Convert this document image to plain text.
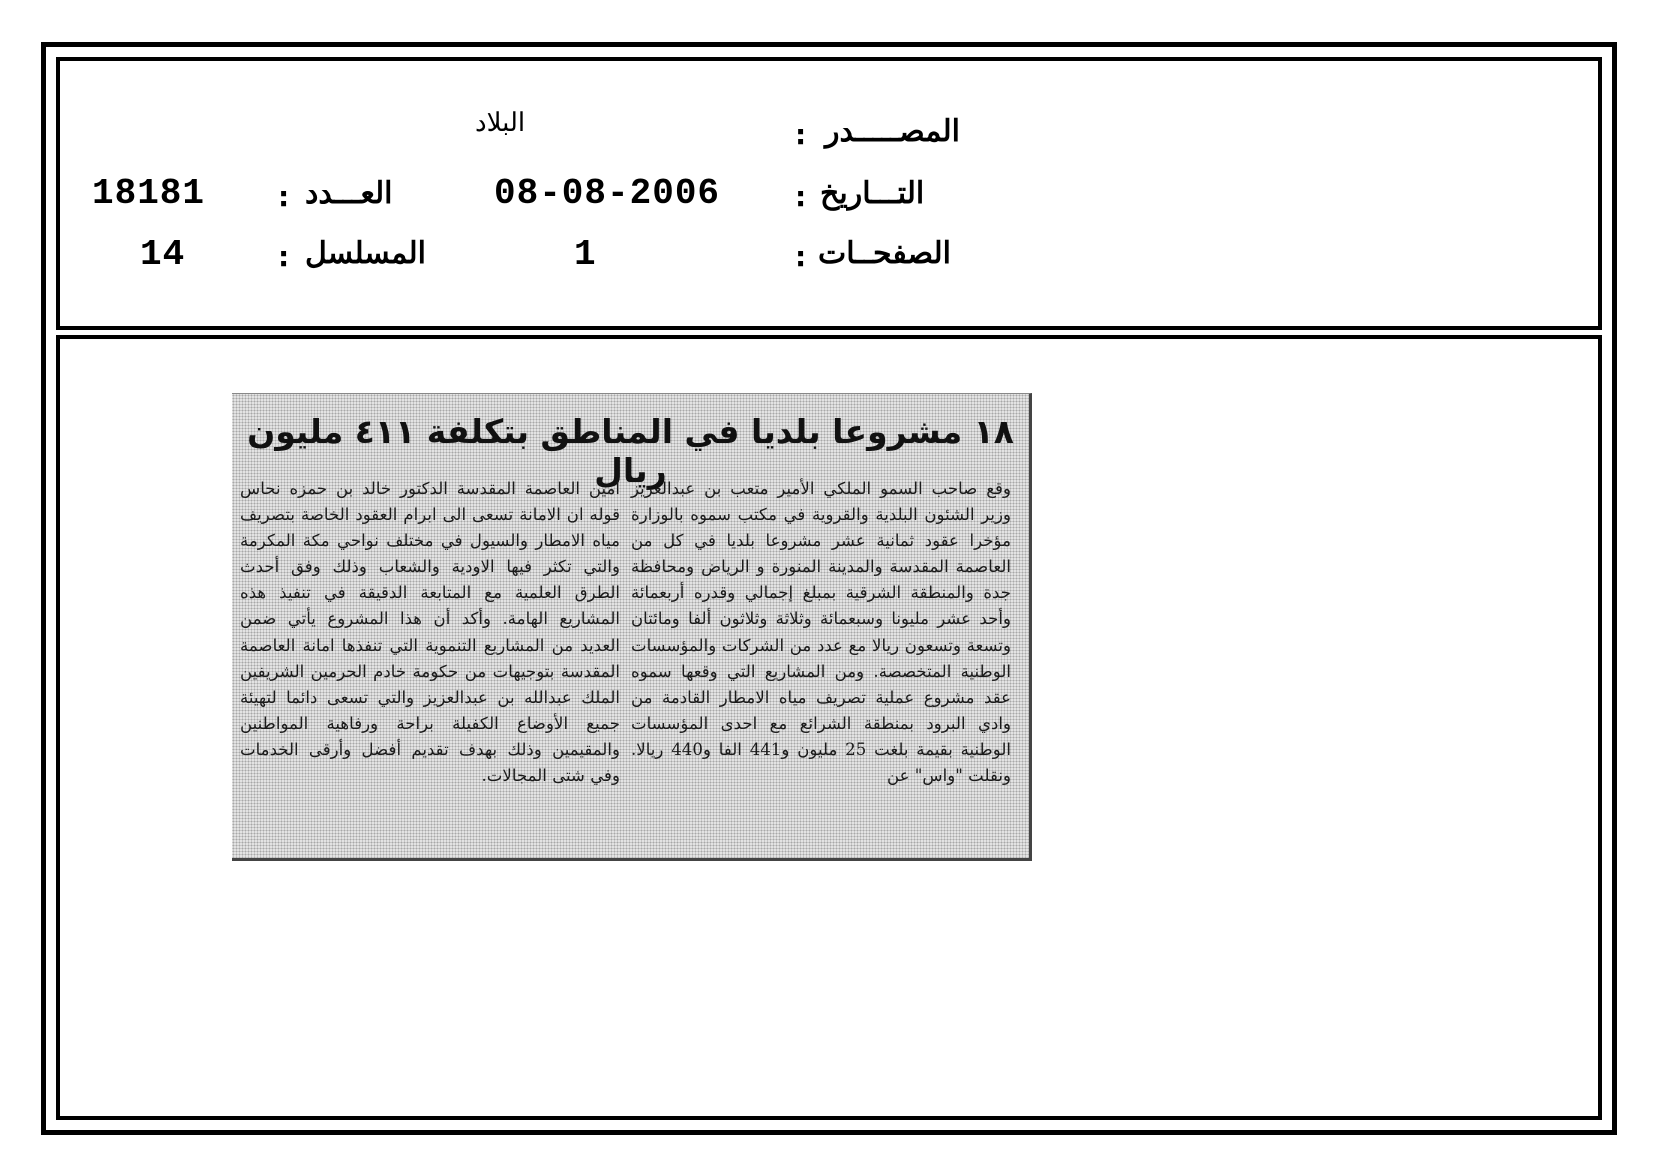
المصـــــدر
:
البلاد
التـــاريخ
:
08-08-2006
العـــدد
:
18181
الصفحــات
:
1
المسلسل
:
14
١٨ مشروعا بلديا في المناطق بتكلفة ٤١١ مليون ريال
وقع صاحب السمو الملكي الأمير متعب بن عبدالعزيز وزير الشئون البلدية والقروية في مكتب سموه بالوزارة مؤخرا عقود ثمانية عشر مشروعا بلديا في كل من العاصمة المقدسة والمدينة المنورة و الرياض ومحافظة جدة والمنطقة الشرقية بمبلغ إجمالي وقدره أربعمائة وأحد عشر مليونا وسبعمائة وثلاثة وثلاثون ألفا ومائتان وتسعة وتسعون ريالا مع عدد من الشركات والمؤسسات الوطنية المتخصصة. ومن المشاريع التي وقعها سموه عقد مشروع عملية تصريف مياه الامطار القادمة من وادي البرود بمنطقة الشرائع مع احدى المؤسسات الوطنية بقيمة بلغت 25 مليون و441 الفا و440 ريالا. ونقلت "واس" عن
امين العاصمة المقدسة الدكتور خالد بن حمزه نحاس قوله ان الامانة تسعى الى ابرام العقود الخاصة بتصريف مياه الامطار والسيول في مختلف نواحي مكة المكرمة والتي تكثر فيها الاودية والشعاب وذلك وفق أحدث الطرق العلمية مع المتابعة الدقيقة في تنفيذ هذه المشاريع الهامة. وأكد أن هذا المشروع يأتي ضمن العديد من المشاريع التنموية التي تنفذها امانة العاصمة المقدسة بتوجيهات من حكومة خادم الحرمين الشريفين الملك عبدالله بن عبدالعزيز والتي تسعى دائما لتهيئة جميع الأوضاع الكفيلة براحة ورفاهية المواطنين والمقيمين وذلك بهدف تقديم أفضل وأرقى الخدمات وفي شتى المجالات.
